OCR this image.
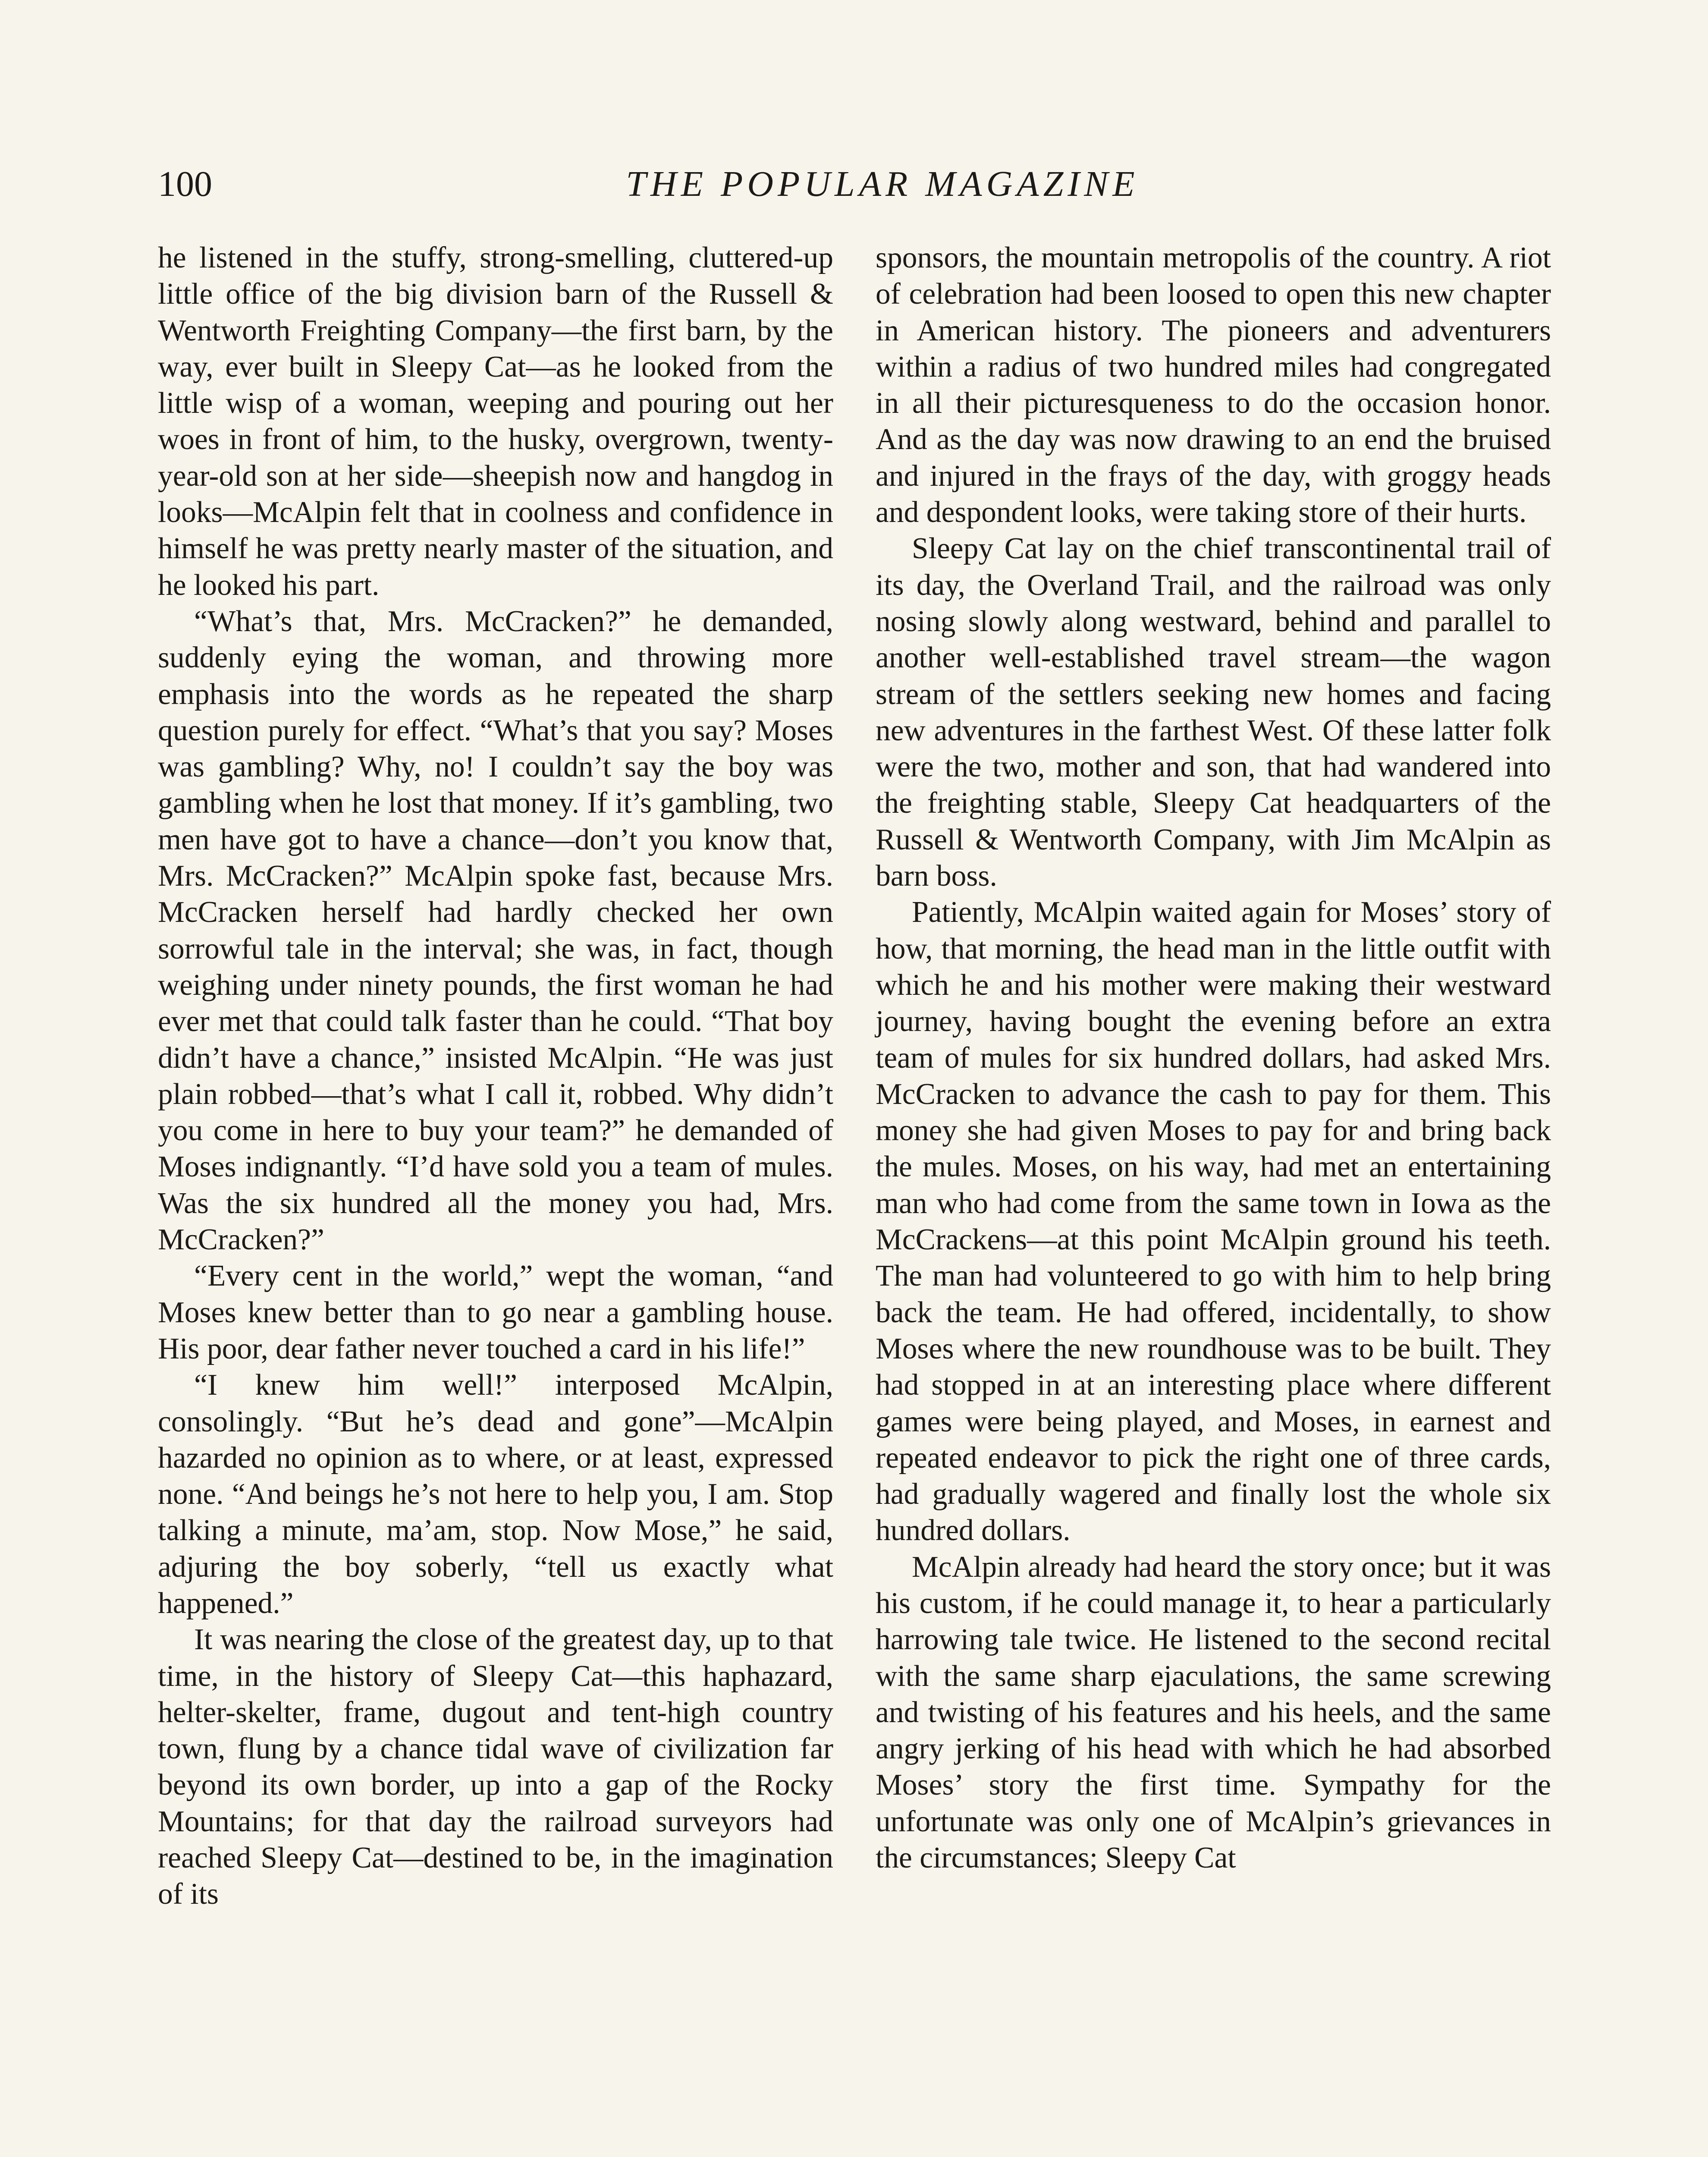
100	THE POPULAR MAGAZINE

he listened in the stuffy, strong-smelling, cluttered-up little office of the big division barn of the Russell & Wentworth Freighting Company—the first barn, by the way, ever built in Sleepy Cat—as he looked from the little wisp of a woman, weeping and pouring out her woes in front of him, to the husky, overgrown, twenty-year-old son at her side—sheepish now and hangdog in looks—McAlpin felt that in coolness and confidence in himself he was pretty nearly master of the situation, and he looked his part.

“What’s that, Mrs. McCracken?” he demanded, suddenly eying the woman, and throwing more emphasis into the words as he repeated the sharp question purely for effect. “What’s that you say? Moses was gambling? Why, no! I couldn’t say the boy was gambling when he lost that money. If it’s gambling, two men have got to have a chance—don’t you know that, Mrs. McCracken?” McAlpin spoke fast, because Mrs. McCracken herself had hardly checked her own sorrowful tale in the interval; she was, in fact, though weighing under ninety pounds, the first woman he had ever met that could talk faster than he could. “That boy didn’t have a chance,” insisted McAlpin. “He was just plain robbed—that’s what I call it, robbed. Why didn’t you come in here to buy your team?” he demanded of Moses indignantly. “I’d have sold you a team of mules. Was the six hundred all the money you had, Mrs. McCracken?”

“Every cent in the world,” wept the woman, “and Moses knew better than to go near a gambling house. His poor, dear father never touched a card in his life!”

“I knew him well!” interposed McAlpin, consolingly. “But he’s dead and gone”—McAlpin hazarded no opinion as to where, or at least, expressed none. “And beings he’s not here to help you, I am. Stop talking a minute, ma’am, stop. Now Mose,” he said, adjuring the boy soberly, “tell us exactly what happened.”

It was nearing the close of the greatest day, up to that time, in the history of Sleepy Cat—this haphazard, helter-skelter, frame, dugout and tent-high country town, flung by a chance tidal wave of civilization far beyond its own border, up into a gap of the Rocky Mountains; for that day the railroad surveyors had reached Sleepy Cat—destined to be, in the imagination of its

sponsors, the mountain metropolis of the country. A riot of celebration had been loosed to open this new chapter in American history. The pioneers and adventurers within a radius of two hundred miles had congregated in all their picturesqueness to do the occasion honor. And as the day was now drawing to an end the bruised and injured in the frays of the day, with groggy heads and despondent looks, were taking store of their hurts.

Sleepy Cat lay on the chief transcontinental trail of its day, the Overland Trail, and the railroad was only nosing slowly along westward, behind and parallel to another well-established travel stream—the wagon stream of the settlers seeking new homes and facing new adventures in the farthest West. Of these latter folk were the two, mother and son, that had wandered into the freighting stable, Sleepy Cat headquarters of the Russell & Wentworth Company, with Jim McAlpin as barn boss.

Patiently, McAlpin waited again for Moses’ story of how, that morning, the head man in the little outfit with which he and his mother were making their westward journey, having bought the evening before an extra team of mules for six hundred dollars, had asked Mrs. McCracken to advance the cash to pay for them. This money she had given Moses to pay for and bring back the mules. Moses, on his way, had met an entertaining man who had come from the same town in Iowa as the McCrackens—at this point McAlpin ground his teeth. The man had volunteered to go with him to help bring back the team. He had offered, incidentally, to show Moses where the new roundhouse was to be built. They had stopped in at an interesting place where different games were being played, and Moses, in earnest and repeated endeavor to pick the right one of three cards, had gradually wagered and finally lost the whole six hundred dollars.

McAlpin already had heard the story once; but it was his custom, if he could manage it, to hear a particularly harrowing tale twice. He listened to the second recital with the same sharp ejaculations, the same screwing and twisting of his features and his heels, and the same angry jerking of his head with which he had absorbed Moses’ story the first time. Sympathy for the unfortunate was only one of McAlpin’s grievances in the circumstances; Sleepy Cat
